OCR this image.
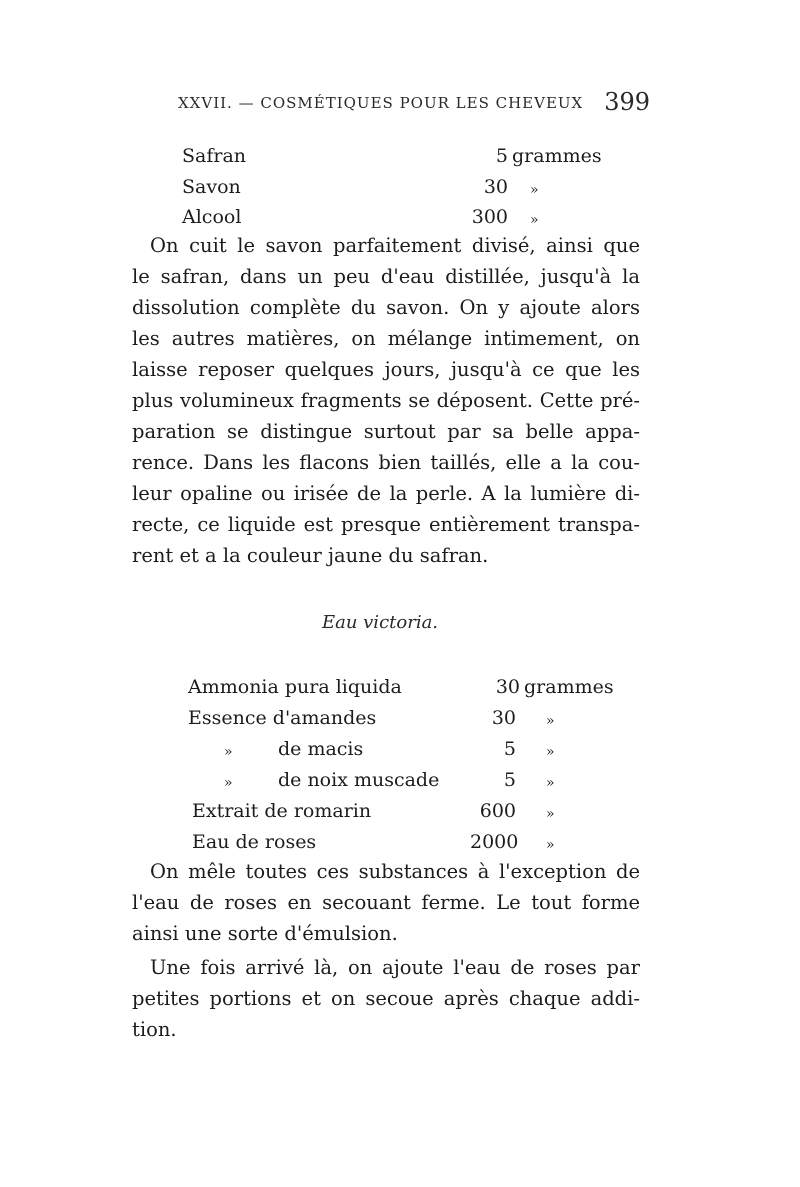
XXVII. — COSMÉTIQUES POUR LES CHEVEUX 399
Safran	5 grammes
Savon	30 »
Alcool	300 »
On cuit le savon parfaitement divisé, ainsi que
le safran, dans un peu d'eau distillée, jusqu'à la
dissolution complète du savon. On y ajoute alors
les autres matières, on mélange intimement, on
laisse reposer quelques jours, jusqu'à ce que les
plus volumineux fragments se déposent. Cette pré-
paration se distingue surtout par sa belle appa-
rence. Dans les flacons bien taillés, elle a la cou-
leur opaline ou irisée de la perle. A la lumière di-
recte, ce liquide est presque entièrement transpa-
rent et a la couleur jaune du safran.
Eau victoria.
Ammonia pura liquida	30 grammes
Essence d'amandes	30 »
» de macis	5 »
» de noix muscade	5 »
Extrait de romarin	600 »
Eau de roses	2000 »
On mêle toutes ces substances à l'exception de
l'eau de roses en secouant ferme. Le tout forme
ainsi une sorte d'émulsion.
Une fois arrivé là, on ajoute l'eau de roses par
petites portions et on secoue après chaque addi-
tion.
